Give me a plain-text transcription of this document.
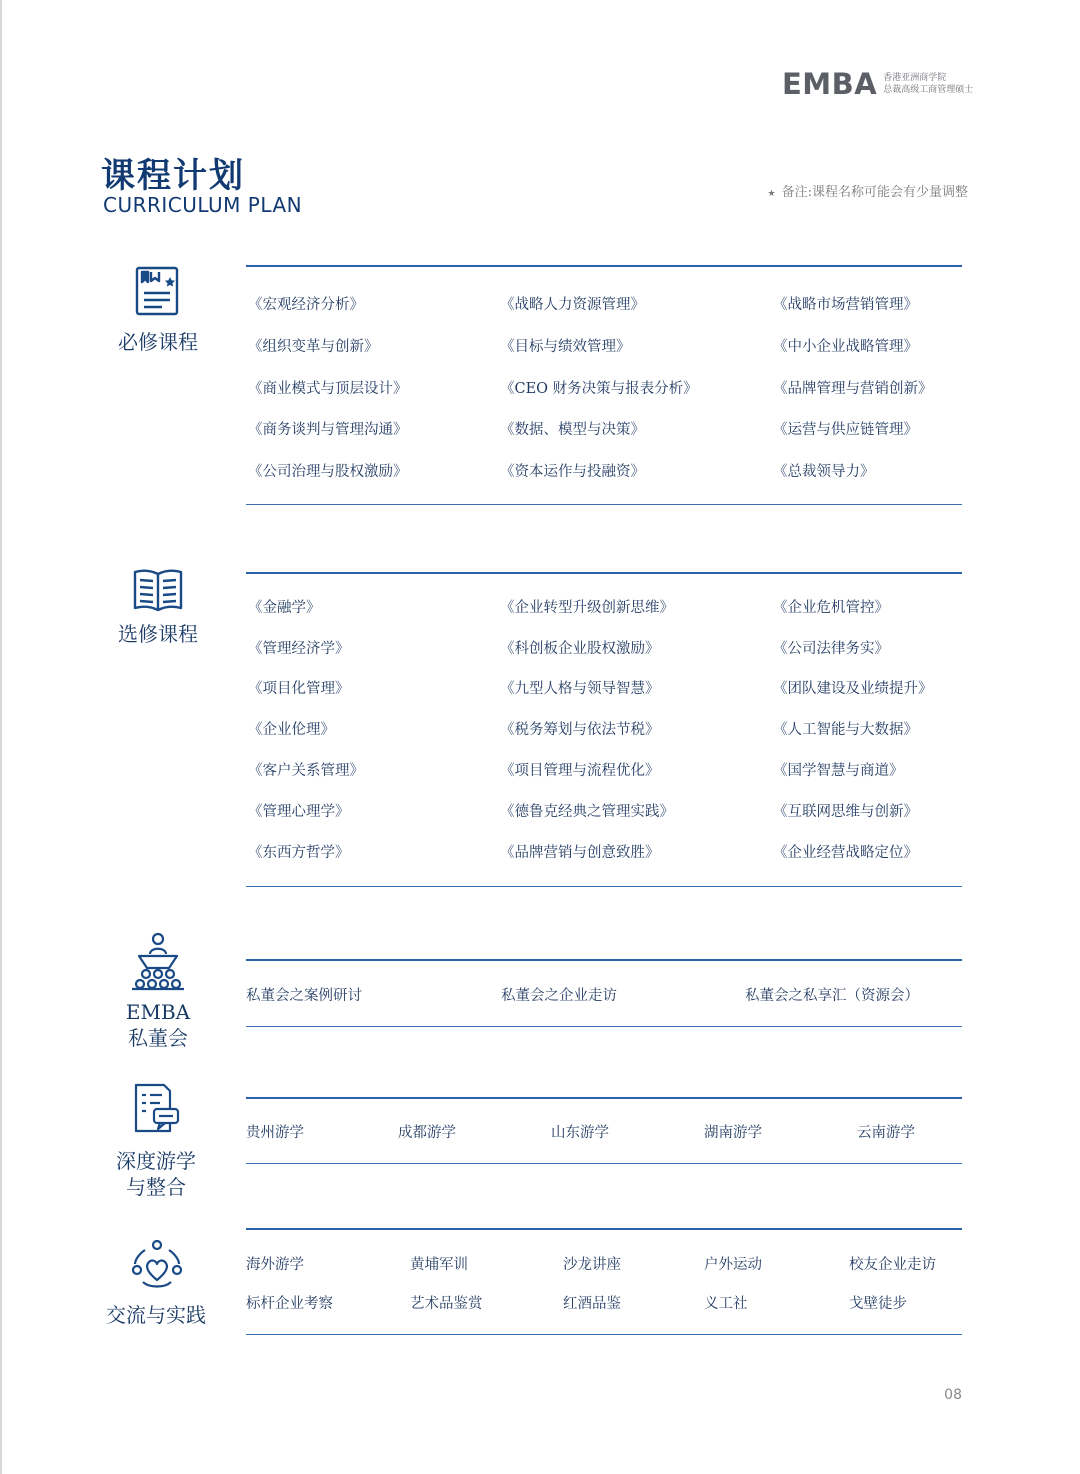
EMBA 香港亚洲商学院
总裁高级工商管理硕士
课程计划
CURRICULUM PLAN	★ 备注:课程名称可能会有少量调整
必修课程
《宏观经济分析》	《战略人力资源管理》	《战略市场营销管理》
《组织变革与创新》	《目标与绩效管理》	《中小企业战略管理》
《商业模式与顶层设计》	《CEO 财务决策与报表分析》	《品牌管理与营销创新》
《商务谈判与管理沟通》	《数据、模型与决策》	《运营与供应链管理》
《公司治理与股权激励》	《资本运作与投融资》	《总裁领导力》
选修课程
《金融学》	《企业转型升级创新思维》	《企业危机管控》
《管理经济学》	《科创板企业股权激励》	《公司法律务实》
《项目化管理》	《九型人格与领导智慧》	《团队建设及业绩提升》
《企业伦理》	《税务筹划与依法节税》	《人工智能与大数据》
《客户关系管理》	《项目管理与流程优化》	《国学智慧与商道》
《管理心理学》	《德鲁克经典之管理实践》	《互联网思维与创新》
《东西方哲学》	《品牌营销与创意致胜》	《企业经营战略定位》
EMBA
私董会
私董会之案例研讨	私董会之企业走访	私董会之私享汇（资源会）
深度游学
与整合
贵州游学	成都游学	山东游学	湖南游学	云南游学
交流与实践
海外游学	黄埔军训	沙龙讲座	户外运动	校友企业走访
标杆企业考察	艺术品鉴赏	红酒品鉴	义工社	戈壁徒步
08
